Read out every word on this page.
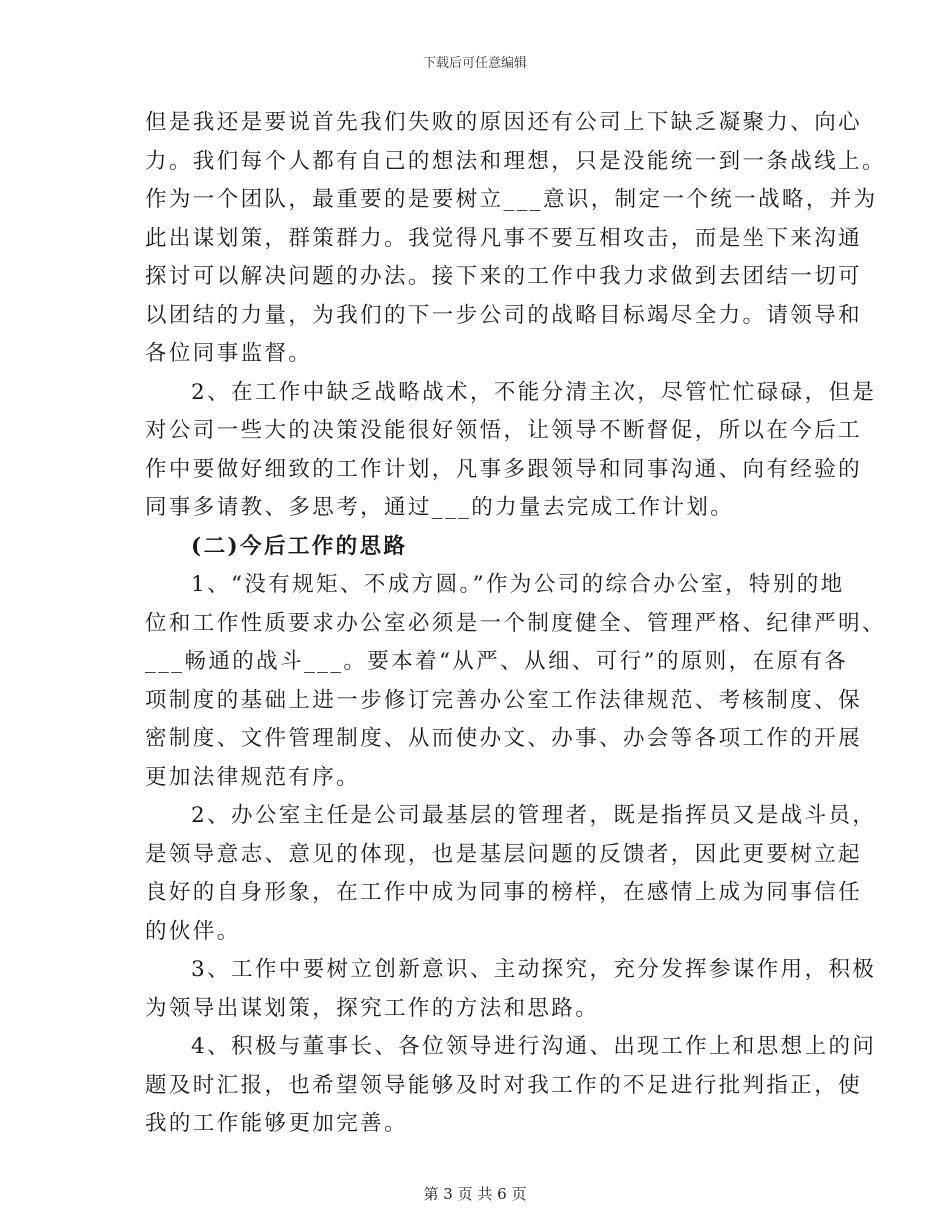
下载后可任意编辑
但是我还是要说首先我们失败的原因还有公司上下缺乏凝聚力、向心
力。我们每个人都有自己的想法和理想，只是没能统一到一条战线上。
作为一个团队，最重要的是要树立___意识，制定一个统一战略，并为
此出谋划策，群策群力。我觉得凡事不要互相攻击，而是坐下来沟通
探讨可以解决问题的办法。接下来的工作中我力求做到去团结一切可
以团结的力量，为我们的下一步公司的战略目标竭尽全力。请领导和
各位同事监督。
2、在工作中缺乏战略战术，不能分清主次，尽管忙忙碌碌，但是
对公司一些大的决策没能很好领悟，让领导不断督促，所以在今后工
作中要做好细致的工作计划，凡事多跟领导和同事沟通、向有经验的
同事多请教、多思考，通过___的力量去完成工作计划。
(二)今后工作的思路
1、“没有规矩、不成方圆。”作为公司的综合办公室，特别的地
位和工作性质要求办公室必须是一个制度健全、管理严格、纪律严明、
___畅通的战斗___。要本着“从严、从细、可行”的原则，在原有各
项制度的基础上进一步修订完善办公室工作法律规范、考核制度、保
密制度、文件管理制度、从而使办文、办事、办会等各项工作的开展
更加法律规范有序。
2、办公室主任是公司最基层的管理者，既是指挥员又是战斗员，
是领导意志、意见的体现，也是基层问题的反馈者，因此更要树立起
良好的自身形象，在工作中成为同事的榜样，在感情上成为同事信任
的伙伴。
3、工作中要树立创新意识、主动探究，充分发挥参谋作用，积极
为领导出谋划策，探究工作的方法和思路。
4、积极与董事长、各位领导进行沟通、出现工作上和思想上的问
题及时汇报，也希望领导能够及时对我工作的不足进行批判指正，使
我的工作能够更加完善。
第 3 页 共 6 页
